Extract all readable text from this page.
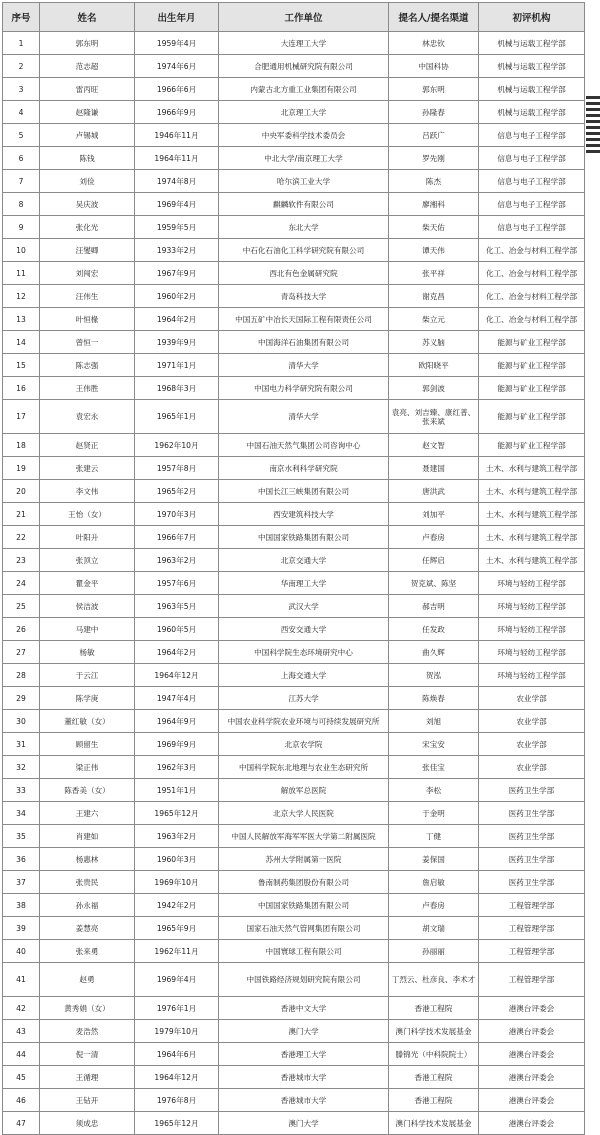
序号	姓名	出生年月	工作单位	提名人/提名渠道	初评机构
1	郭东明	1959年4月	大连理工大学	林忠钦	机械与运载工程学部
2	范志超	1974年6月	合肥通用机械研究院有限公司	中国科协	机械与运载工程学部
3	雷丙旺	1966年6月	内蒙古北方重工业集团有限公司	郭东明	机械与运载工程学部
4	赵隆谦	1966年9月	北京理工大学	孙隆春	机械与运载工程学部
5	卢锡城	1946年11月	中央军委科学技术委员会	吕跃广	信息与电子工程学部
6	陈钱	1964年11月	中北大学/南京理工大学	罗先刚	信息与电子工程学部
7	刘俭	1974年8月	哈尔滨工业大学	陈杰	信息与电子工程学部
8	吴庆波	1969年4月	麒麟软件有限公司	廖湘科	信息与电子工程学部
9	张化光	1959年5月	东北大学	柴天佑	信息与电子工程学部
10	汪燮卿	1933年2月	中石化石油化工科学研究院有限公司	谭天伟	化工、冶金与材料工程学部
11	刘闯宏	1967年9月	西北有色金属研究院	张平祥	化工、冶金与材料工程学部
12	汪伟生	1960年2月	青岛科技大学	谢克昌	化工、冶金与材料工程学部
13	叶恒椽	1964年2月	中国五矿中冶长天国际工程有限责任公司	柴立元	化工、冶金与材料工程学部
14	曾恒一	1939年9月	中国海洋石油集团有限公司	苏义脑	能源与矿业工程学部
15	陈志强	1971年1月	清华大学	欧阳晓平	能源与矿业工程学部
16	王伟胜	1968年3月	中国电力科学研究院有限公司	郭剑波	能源与矿业工程学部
17	袁宏永	1965年1月	清华大学	袁亮、刘吉臻、康红普、张来斌	能源与矿业工程学部
18	赵贤正	1962年10月	中国石油天然气集团公司咨询中心	赵文智	能源与矿业工程学部
19	张建云	1957年8月	南京水利科学研究院	聂建国	土木、水利与建筑工程学部
20	李文伟	1965年2月	中国长江三峡集团有限公司	唐洪武	土木、水利与建筑工程学部
21	王怡（女）	1970年3月	西安建筑科技大学	刘加平	土木、水利与建筑工程学部
22	叶阳升	1966年7月	中国国家铁路集团有限公司	卢春房	土木、水利与建筑工程学部
23	张顶立	1963年2月	北京交通大学	任辉启	土木、水利与建筑工程学部
24	瞿金平	1957年6月	华南理工大学	贺克斌、陈坚	环境与轻纺工程学部
25	侯洁波	1963年5月	武汉大学	郝吉明	环境与轻纺工程学部
26	马建中	1960年5月	西安交通大学	任发政	环境与轻纺工程学部
27	杨敏	1964年2月	中国科学院生态环境研究中心	曲久辉	环境与轻纺工程学部
28	于云江	1964年12月	上海交通大学	贺泓	环境与轻纺工程学部
29	陈学庚	1947年4月	江苏大学	陈焕春	农业学部
30	董红敏（女）	1964年9月	中国农业科学院农业环境与可持续发展研究所	刘旭	农业学部
31	顾留生	1969年9月	北京农学院	宋宝安	农业学部
32	梁正伟	1962年3月	中国科学院东北地理与农业生态研究所	张佳宝	农业学部
33	陈香美（女）	1951年1月	解放军总医院	李松	医药卫生学部
34	王建六	1965年12月	北京大学人民医院	于金明	医药卫生学部
35	肖建如	1963年2月	中国人民解放军海军军医大学第二附属医院	丁健	医药卫生学部
36	杨惠林	1960年3月	苏州大学附属第一医院	姜保国	医药卫生学部
37	张贵民	1969年10月	鲁南制药集团股份有限公司	詹启敏	医药卫生学部
38	孙永福	1942年2月	中国国家铁路集团有限公司	卢春房	工程管理学部
39	姜慧亮	1965年9月	国家石油天然气管网集团有限公司	胡文瑞	工程管理学部
40	张来勇	1962年11月	中国寰球工程有限公司	孙丽丽	工程管理学部
41	赵勇	1969年4月	中国铁路经济规划研究院有限公司	丁烈云、杜彦良、李术才	工程管理学部
42	黄秀娟（女）	1976年1月	香港中文大学	香港工程院	港澳台评委会
43	麦浩然	1979年10月	澳门大学	澳门科学技术发展基金	港澳台评委会
44	倪一清	1964年6月	香港理工大学	滕锦光（中科院院士）	港澳台评委会
45	王循理	1964年12月	香港城市大学	香港工程院	港澳台评委会
46	王钻开	1976年8月	香港城市大学	香港工程院	港澳台评委会
47	须成忠	1965年12月	澳门大学	澳门科学技术发展基金	港澳台评委会
